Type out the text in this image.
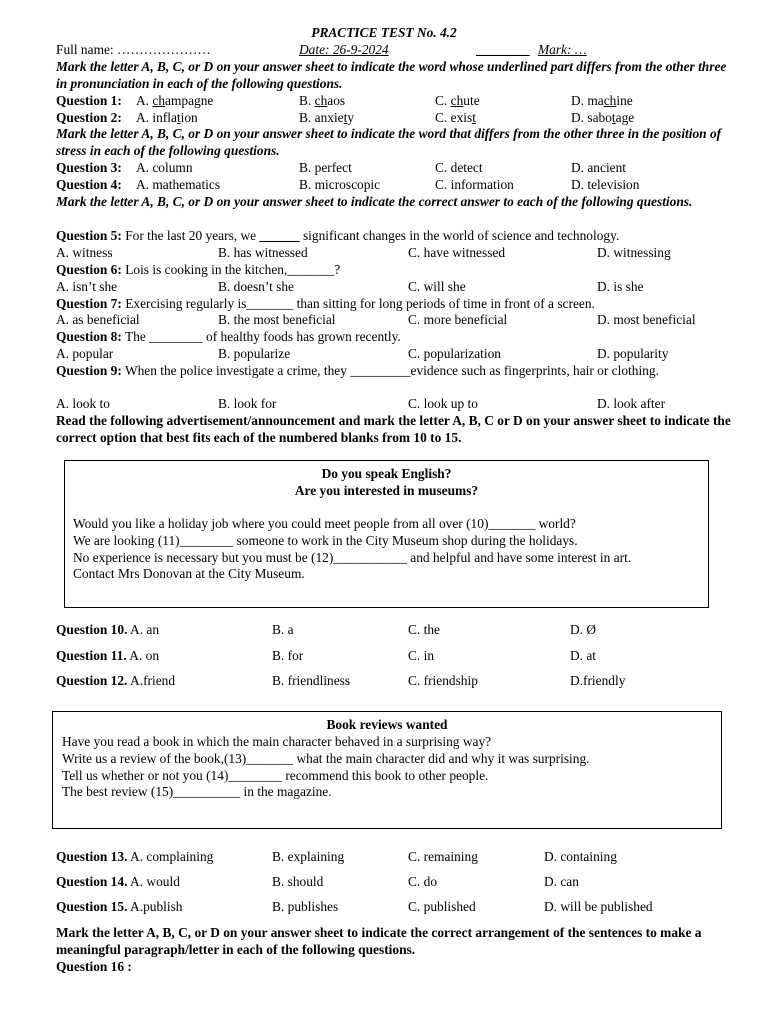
PRACTICE TEST No. 4.2
Full name: …………………	Date: 26-9-2024	________ Mark: …
Mark the letter A, B, C, or D on your answer sheet to indicate the word whose underlined part differs from the other three in pronunciation in each of the following questions.
Question 1: A. champagne	B. chaos	C. chute	D. machine
Question 2: A. inflation	B. anxiety	C. exist	D. sabotage
Mark the letter A, B, C, or D on your answer sheet to indicate the word that differs from the other three in the position of stress in each of the following questions.
Question 3: A. column	B. perfect	C. detect	D. ancient
Question 4: A. mathematics	B. microscopic	C. information	D. television
Mark the letter A, B, C, or D on your answer sheet to indicate the correct answer to each of the following questions.
Question 5: For the last 20 years, we ______ significant changes in the world of science and technology.
A. witness	B. has witnessed	C. have witnessed	D. witnessing
Question 6: Lois is cooking in the kitchen,_______?
A. isn’t she	B. doesn’t she	C. will she	D. is she
Question 7: Exercising regularly is_______ than sitting for long periods of time in front of a screen.
A. as beneficial	B. the most beneficial	C. more beneficial	D. most beneficial
Question 8: The ________ of healthy foods has grown recently.
A. popular	B. popularize	C. popularization	D. popularity
Question 9: When the police investigate a crime, they _________evidence such as fingerprints, hair or clothing.
A. look to	B. look for	C. look up to	D. look after
Read the following advertisement/announcement and mark the letter A, B, C or D on your answer sheet to indicate the correct option that best fits each of the numbered blanks from 10 to 15.
Do you speak English?
Are you interested in museums?
Would you like a holiday job where you could meet people from all over (10)_______ world?
We are looking (11)________ someone to work in the City Museum shop during the holidays.
No experience is necessary but you must be (12)___________ and helpful and have some interest in art.
Contact Mrs Donovan at the City Museum.
Question 10. A. an	B. a	C. the	D. Ø
Question 11. A. on	B. for	C. in	D. at
Question 12. A.friend	B. friendliness	C. friendship	D.friendly
Book reviews wanted
Have you read a book in which the main character behaved in a surprising way?
Write us a review of the book,(13)_______ what the main character did and why it was surprising.
Tell us whether or not you (14)________ recommend this book to other people.
The best review (15)__________ in the magazine.
Question 13. A. complaining	B. explaining	C. remaining	D. containing
Question 14. A. would	B. should	C. do	D. can
Question 15. A.publish	B. publishes	C. published	D. will be published
Mark the letter A, B, C, or D on your answer sheet to indicate the correct arrangement of the sentences to make a meaningful paragraph/letter in each of the following questions.
Question 16 :
